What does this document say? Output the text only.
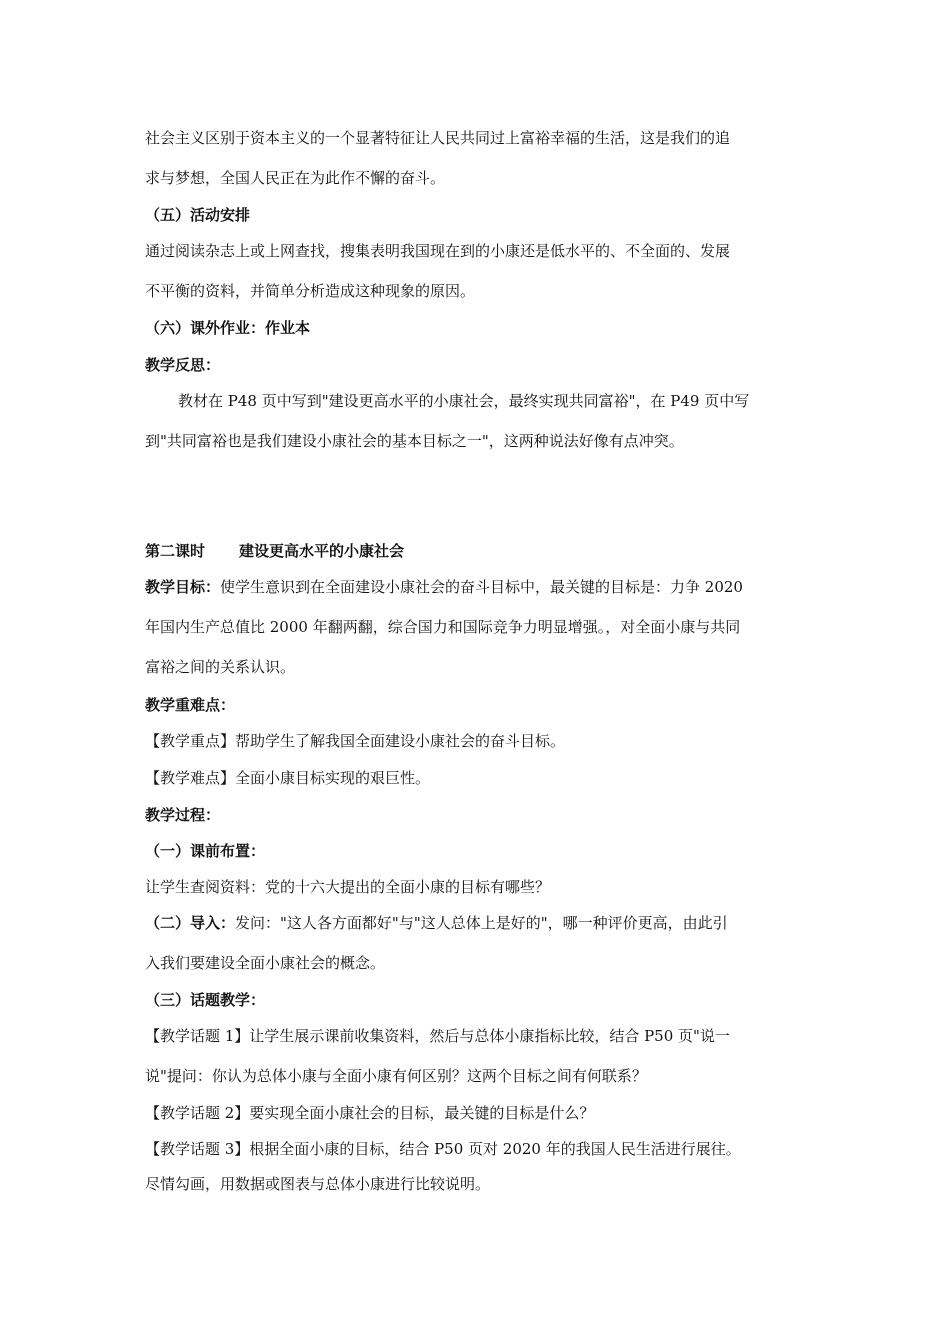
社会主义区别于资本主义的一个显著特征让人民共同过上富裕幸福的生活，这是我们的追
求与梦想，全国人民正在为此作不懈的奋斗。
（五）活动安排
通过阅读杂志上或上网查找，搜集表明我国现在到的小康还是低水平的、不全面的、发展
不平衡的资料，并简单分析造成这种现象的原因。
（六）课外作业：作业本
教学反思：
教材在 P48 页中写到"建设更高水平的小康社会，最终实现共同富裕"，在 P49 页中写
到"共同富裕也是我们建设小康社会的基本目标之一"，这两种说法好像有点冲突。
第二课时 建设更高水平的小康社会
教学目标：使学生意识到在全面建设小康社会的奋斗目标中，最关键的目标是：力争 2020
年国内生产总值比 2000 年翻两翻，综合国力和国际竞争力明显增强。，对全面小康与共同
富裕之间的关系认识。
教学重难点：
【教学重点】帮助学生了解我国全面建设小康社会的奋斗目标。
【教学难点】全面小康目标实现的艰巨性。
教学过程：
（一）课前布置：
让学生查阅资料：党的十六大提出的全面小康的目标有哪些？
（二）导入：发问："这人各方面都好"与"这人总体上是好的"，哪一种评价更高，由此引
入我们要建设全面小康社会的概念。
（三）话题教学：
【教学话题 1】让学生展示课前收集资料，然后与总体小康指标比较，结合 P50 页"说一
说"提问：你认为总体小康与全面小康有何区别？这两个目标之间有何联系？
【教学话题 2】要实现全面小康社会的目标，最关键的目标是什么？
【教学话题 3】根据全面小康的目标，结合 P50 页对 2020 年的我国人民生活进行展往。
尽情勾画，用数据或图表与总体小康进行比较说明。
